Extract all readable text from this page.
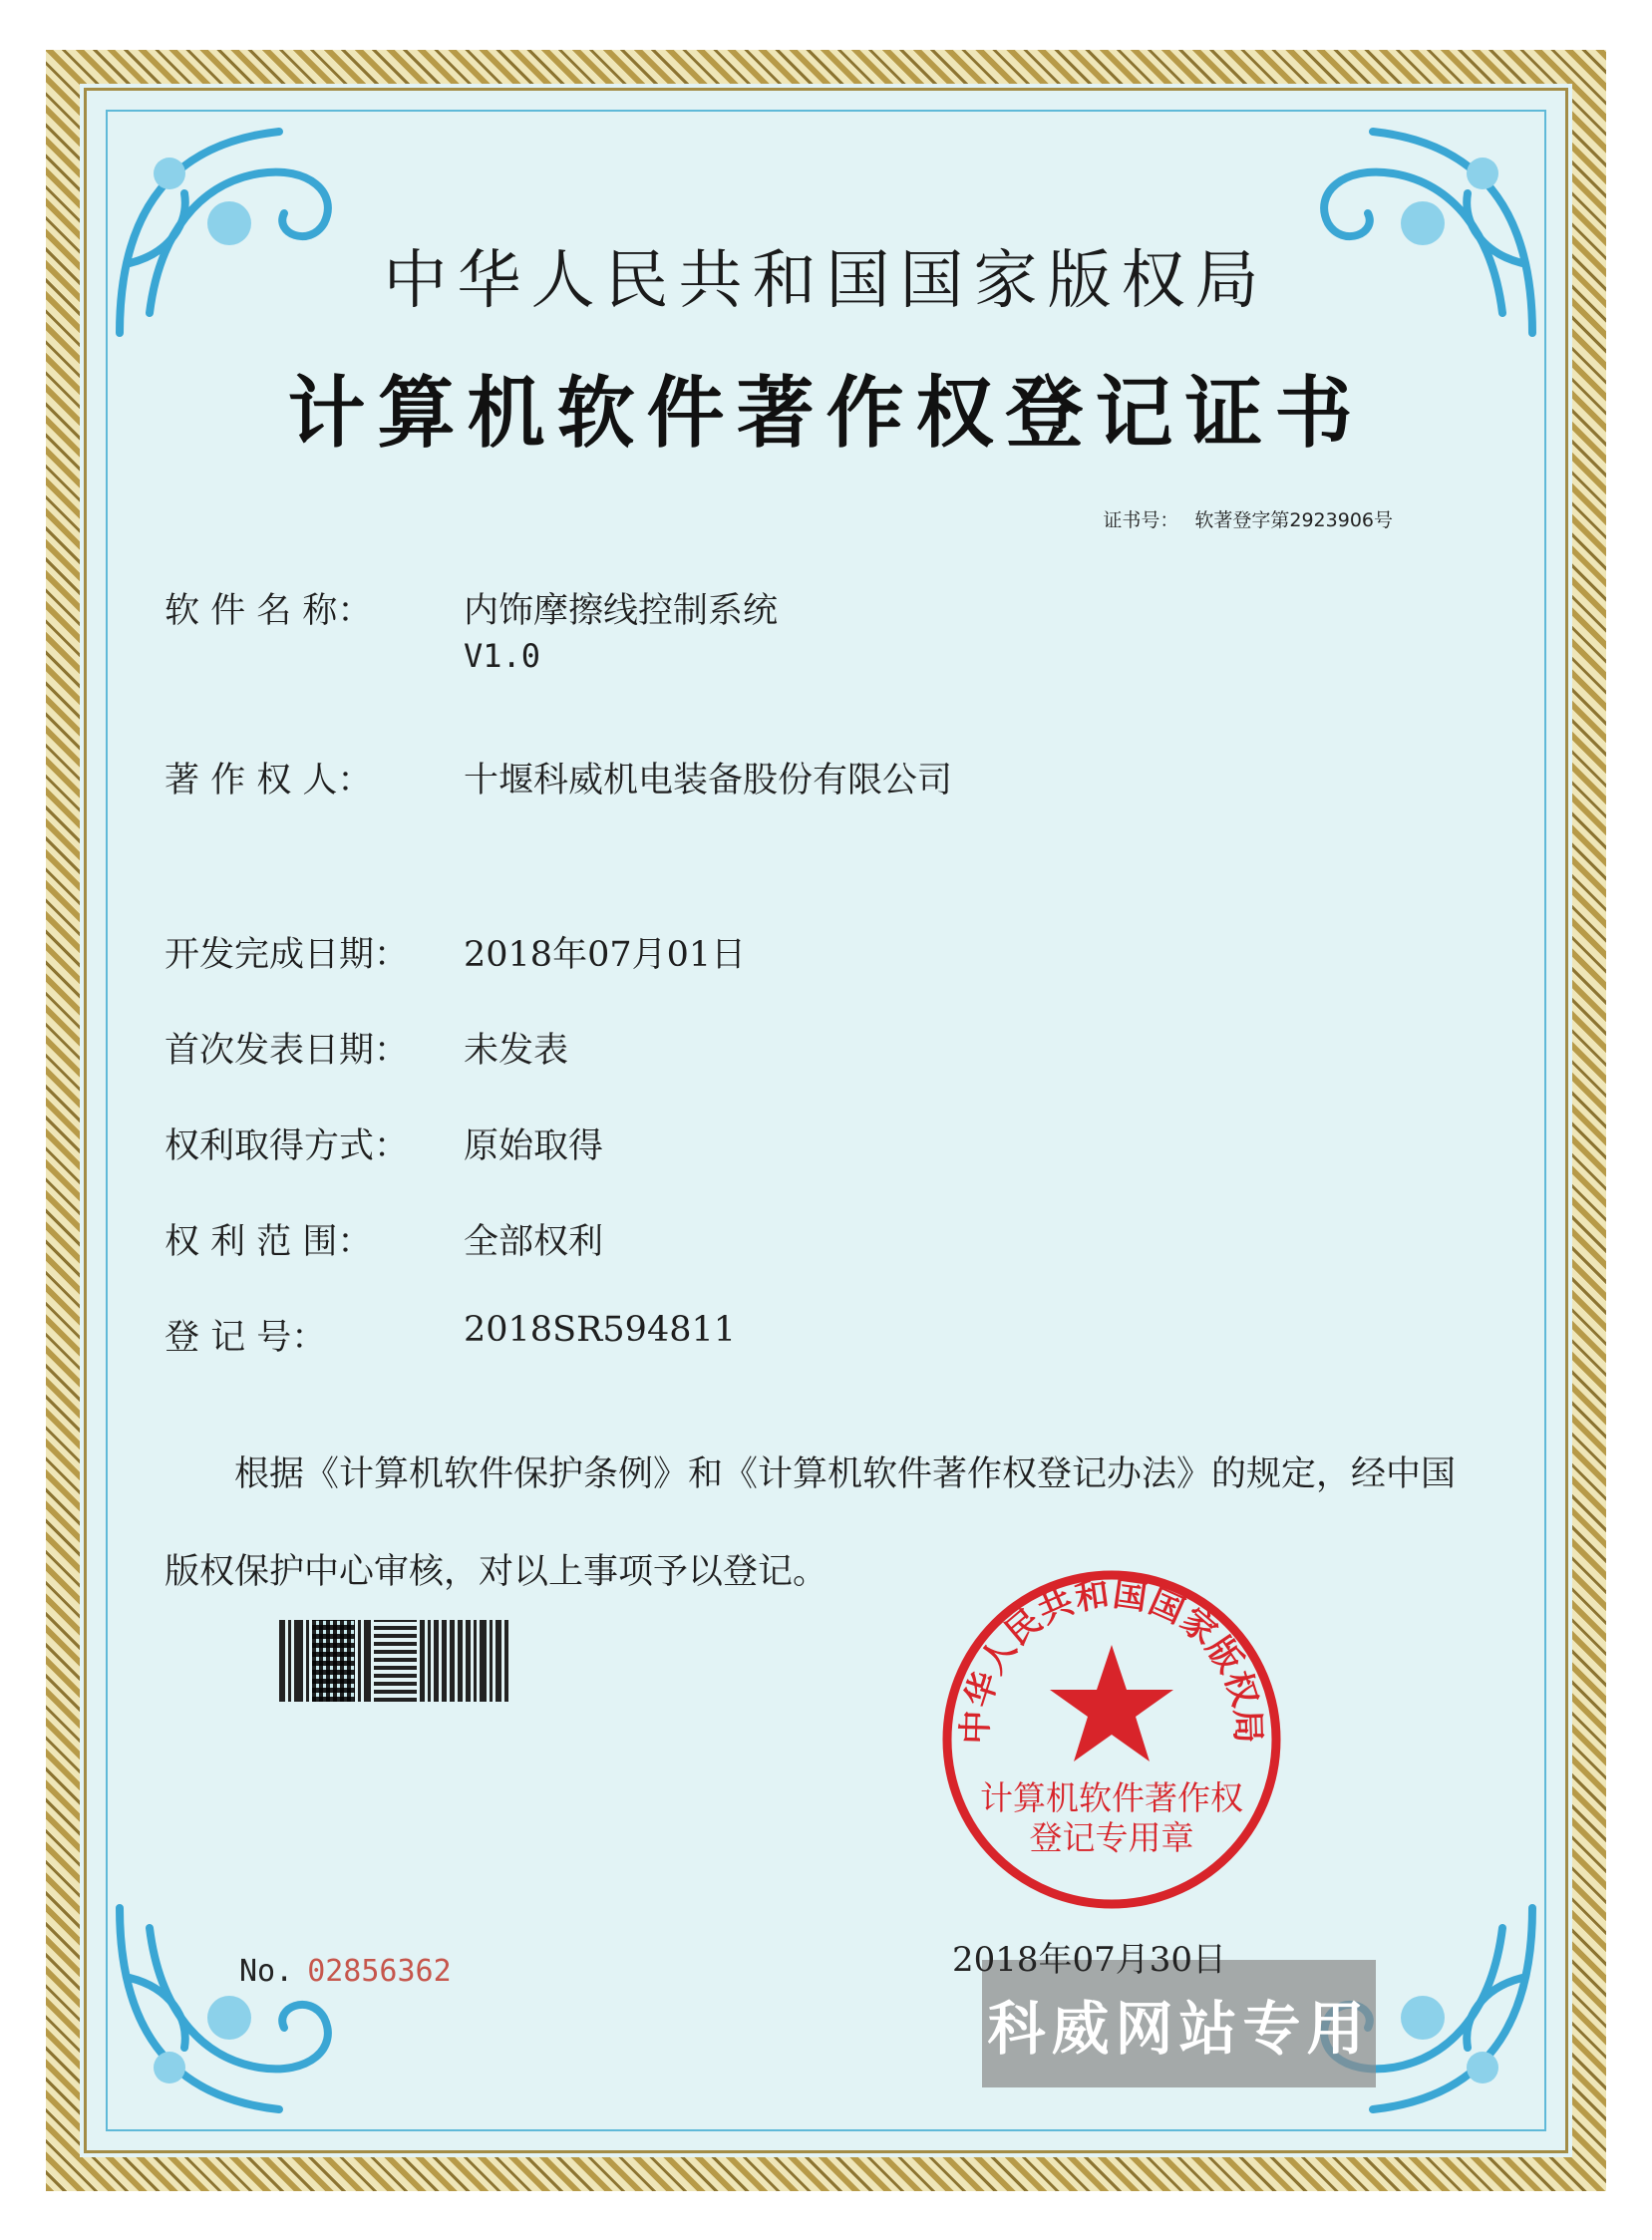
中华人民共和国国家版权局
计算机软件著作权登记证书
证书号： 软著登字第2923906号
软 件 名 称：	内饰摩擦线控制系统
V1.0
著 作 权 人：	十堰科威机电装备股份有限公司
开发完成日期：	2018年07月01日
首次发表日期：	未发表
权利取得方式：	原始取得
权 利 范 围：	全部权利
登 记 号：	2018SR594811
根据《计算机软件保护条例》和《计算机软件著作权登记办法》的规定，经中国版权保护中心审核，对以上事项予以登记。
2018年07月30日
中华人民共和国国家版权局
计算机软件著作权
登记专用章
No. 02856362
科威网站专用
